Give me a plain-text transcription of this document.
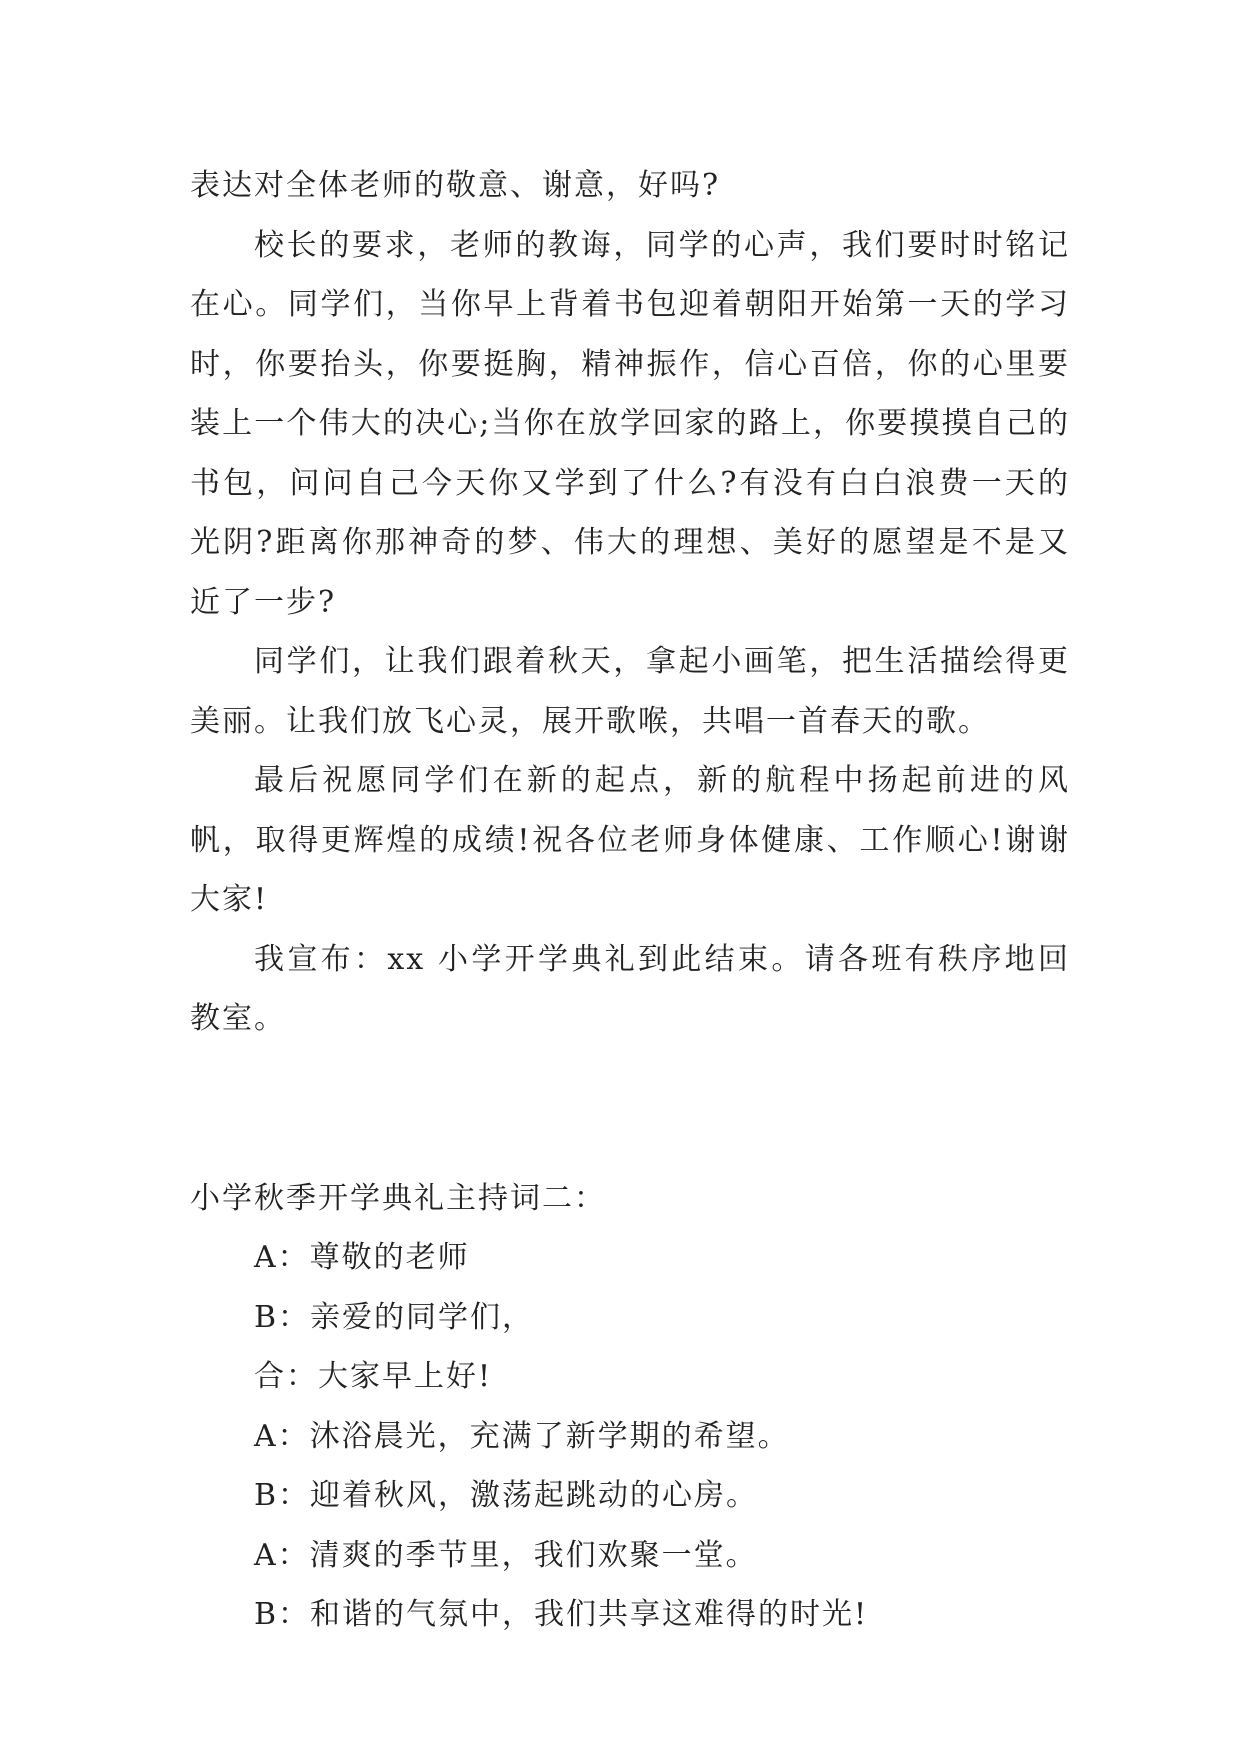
表达对全体老师的敬意、谢意，好吗?

校长的要求，老师的教诲，同学的心声，我们要时时铭记在心。同学们，当你早上背着书包迎着朝阳开始第一天的学习时，你要抬头，你要挺胸，精神振作，信心百倍，你的心里要装上一个伟大的决心;当你在放学回家的路上，你要摸摸自己的书包，问问自己今天你又学到了什么?有没有白白浪费一天的光阴?距离你那神奇的梦、伟大的理想、美好的愿望是不是又近了一步?

同学们，让我们跟着秋天，拿起小画笔，把生活描绘得更美丽。让我们放飞心灵，展开歌喉，共唱一首春天的歌。

最后祝愿同学们在新的起点，新的航程中扬起前进的风帆，取得更辉煌的成绩!祝各位老师身体健康、工作顺心!谢谢大家!

我宣布：xx 小学开学典礼到此结束。请各班有秩序地回教室。

小学秋季开学典礼主持词二：

A：尊敬的老师

B：亲爱的同学们，

合：大家早上好!

A：沐浴晨光，充满了新学期的希望。

B：迎着秋风，激荡起跳动的心房。

A：清爽的季节里，我们欢聚一堂。

B：和谐的气氛中，我们共享这难得的时光!
